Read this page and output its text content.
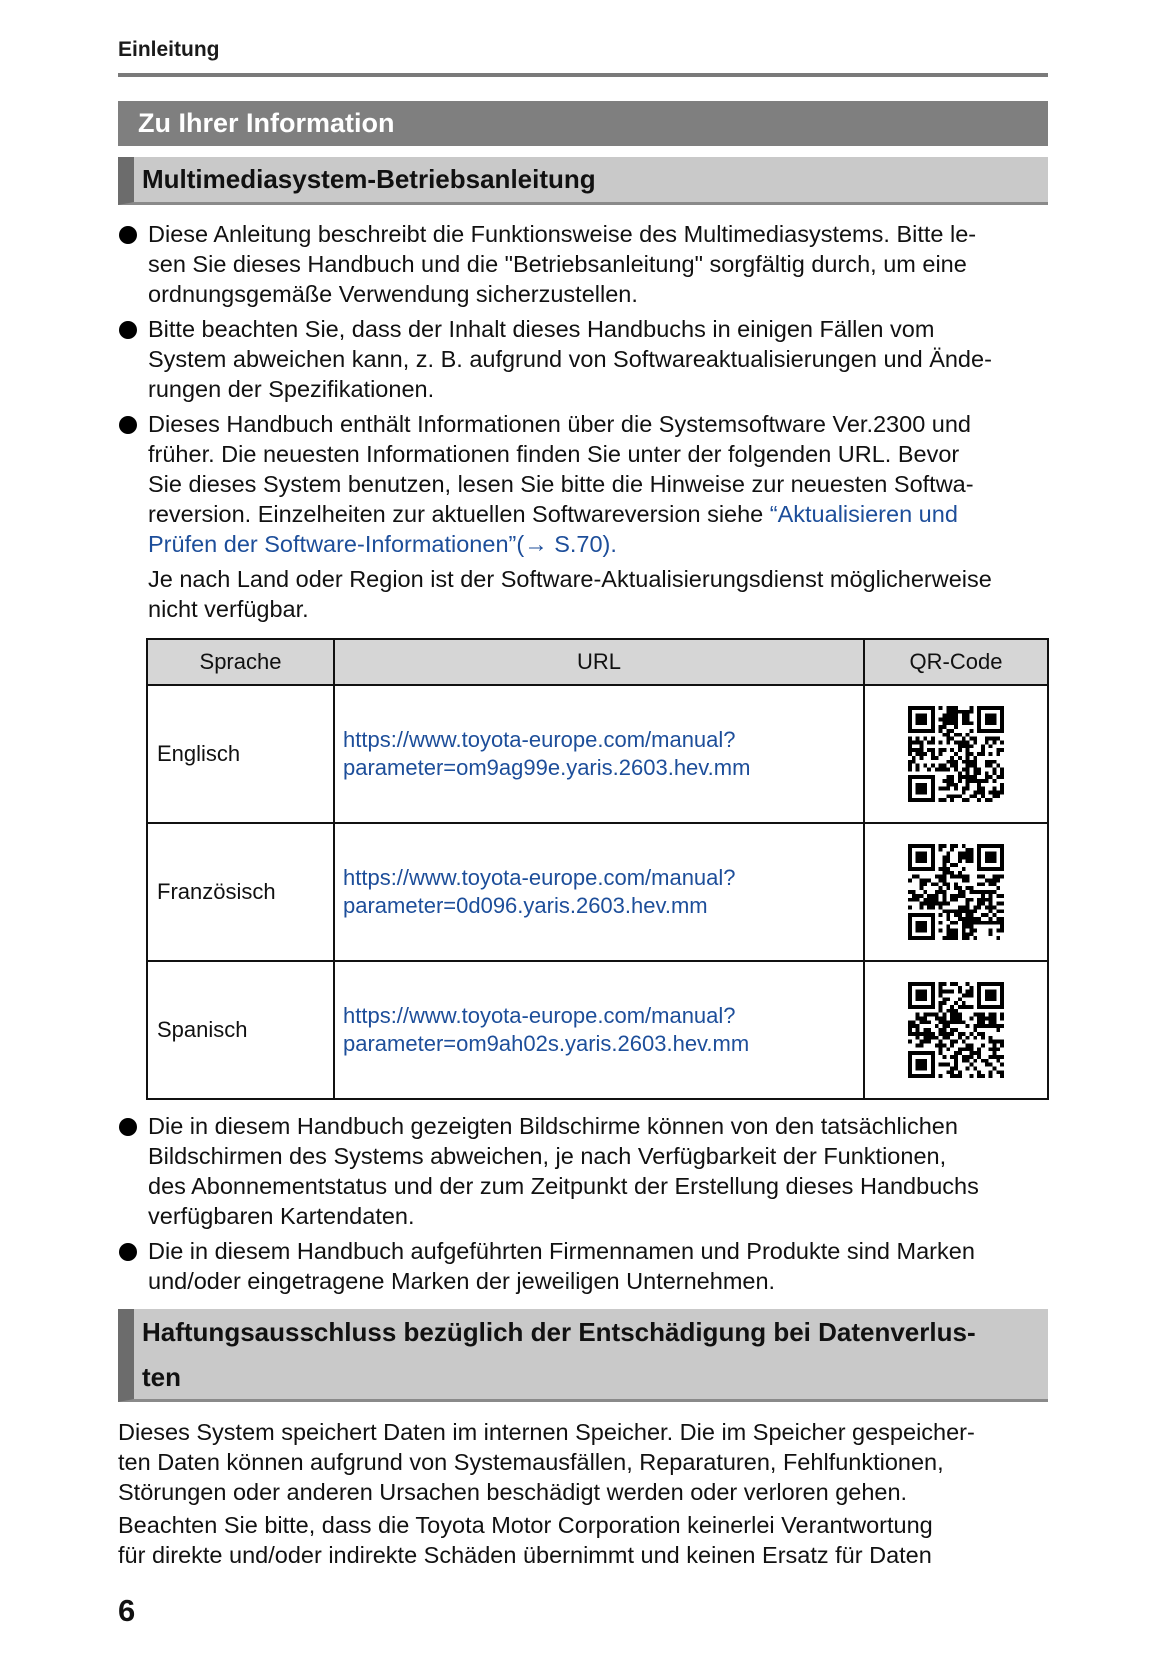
Einleitung
Zu Ihrer Information
Multimediasystem-Betriebsanleitung
Diese Anleitung beschreibt die Funktionsweise des Multimediasystems. Bitte le-
sen Sie dieses Handbuch und die "Betriebsanleitung" sorgfältig durch, um eine
ordnungsgemäße Verwendung sicherzustellen.
Bitte beachten Sie, dass der Inhalt dieses Handbuchs in einigen Fällen vom
System abweichen kann, z. B. aufgrund von Softwareaktualisierungen und Ände-
rungen der Spezifikationen.

Dieses Handbuch enthält Informationen über die Systemsoftware Ver.2300 und
früher. Die neuesten Informationen finden Sie unter der folgenden URL. Bevor
Sie dieses System benutzen, lesen Sie bitte die Hinweise zur neuesten Softwa-
reversion. Einzelheiten zur aktuellen Softwareversion siehe “Aktualisieren und
Prüfen der Software-Informationen”(→ S.70).

Je nach Land oder Region ist der Software-Aktualisierungsdienst möglicherweise
nicht verfügbar.

Sprache	URL	QR-Code
Englisch	https://www.toyota-europe.com/manual?
parameter=om9ag99e.yaris.2603.hev.mm	
Französisch	https://www.toyota-europe.com/manual?
parameter=0d096.yaris.2603.hev.mm	
Spanisch	https://www.toyota-europe.com/manual?
parameter=om9ah02s.yaris.2603.hev.mm	
Die in diesem Handbuch gezeigten Bildschirme können von den tatsächlichen
Bildschirmen des Systems abweichen, je nach Verfügbarkeit der Funktionen,
des Abonnementstatus und der zum Zeitpunkt der Erstellung dieses Handbuchs
verfügbaren Kartendaten.
Die in diesem Handbuch aufgeführten Firmennamen und Produkte sind Marken
und/oder eingetragene Marken der jeweiligen Unternehmen.
Haftungsausschluss bezüglich der Entschädigung bei Datenverlus-
ten

Dieses System speichert Daten im internen Speicher. Die im Speicher gespeicher-
ten Daten können aufgrund von Systemausfällen, Reparaturen, Fehlfunktionen,
Störungen oder anderen Ursachen beschädigt werden oder verloren gehen.

Beachten Sie bitte, dass die Toyota Motor Corporation keinerlei Verantwortung
für direkte und/oder indirekte Schäden übernimmt und keinen Ersatz für Daten

6
